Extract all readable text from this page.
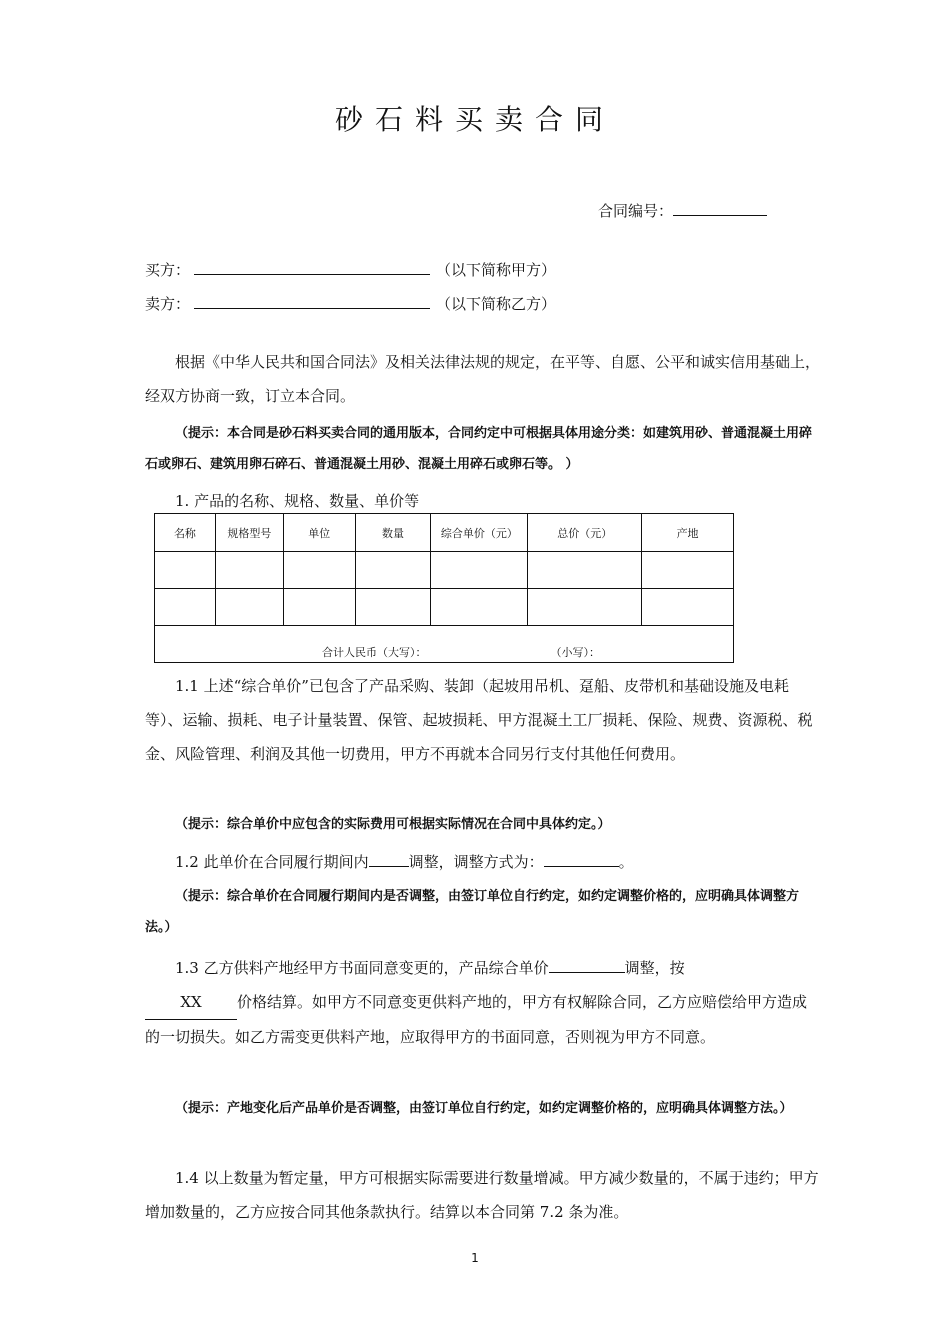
砂石料买卖合同
合同编号：
买方：	（以下简称甲方）
卖方：	（以下简称乙方）
根据《中华人民共和国合同法》及相关法律法规的规定，在平等、自愿、公平和诚实信用基础上，经双方协商一致，订立本合同。
（提示：本合同是砂石料买卖合同的通用版本，合同约定中可根据具体用途分类：如建筑用砂、普通混凝土用碎石或卵石、建筑用卵石碎石、普通混凝土用砂、混凝土用碎石或卵石等。 ）
1. 产品的名称、规格、数量、单价等
名称	规格型号	单位	数量	综合单价（元）	总价（元）	产地

合计人民币（大写）： （小写）：						
1.1 上述“综合单价”已包含了产品采购、装卸（起坡用吊机、趸船、皮带机和基础设施及电耗等）、运输、损耗、电子计量装置、保管、起坡损耗、甲方混凝土工厂损耗、保险、规费、资源税、税金、风险管理、利润及其他一切费用，甲方不再就本合同另行支付其他任何费用。
（提示：综合单价中应包含的实际费用可根据实际情况在合同中具体约定。）
1.2 此单价在合同履行期间内	调整，调整方式为：	。
（提示：综合单价在合同履行期间内是否调整，由签订单位自行约定，如约定调整价格的，应明确具体调整方法。）
1.3 乙方供料产地经甲方书面同意变更的，产品综合单价	调整，按
XX 价格结算。如甲方不同意变更供料产地的，甲方有权解除合同，乙方应赔偿给甲方造成的一切损失。如乙方需变更供料产地，应取得甲方的书面同意，否则视为甲方不同意。
（提示：产地变化后产品单价是否调整，由签订单位自行约定，如约定调整价格的，应明确具体调整方法。）
1.4 以上数量为暂定量，甲方可根据实际需要进行数量增减。甲方减少数量的，不属于违约；甲方增加数量的，乙方应按合同其他条款执行。结算以本合同第 7.2 条为准。
1
